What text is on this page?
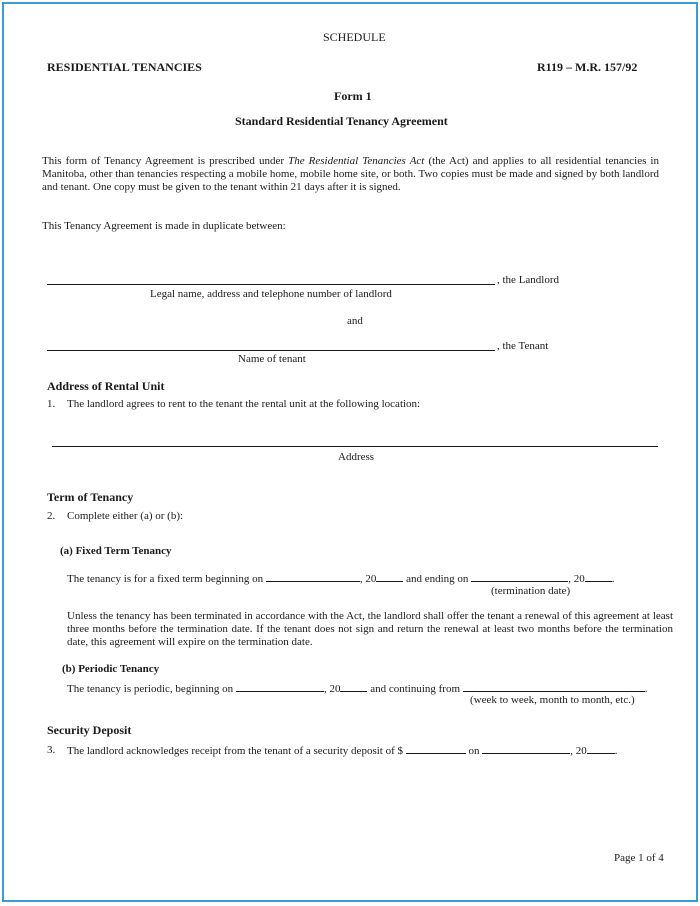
SCHEDULE
RESIDENTIAL TENANCIES	R119 – M.R. 157/92
Form 1
Standard Residential Tenancy Agreement
This form of Tenancy Agreement is prescribed under The Residential Tenancies Act (the Act) and applies to all residential tenancies in Manitoba, other than tenancies respecting a mobile home, mobile home site, or both. Two copies must be made and signed by both landlord and tenant. One copy must be given to the tenant within 21 days after it is signed.
This Tenancy Agreement is made in duplicate between:
, the Landlord
Legal name, address and telephone number of landlord
and
, the Tenant
Name of tenant
Address of Rental Unit
1. The landlord agrees to rent to the tenant the rental unit at the following location:
Address
Term of Tenancy
2. Complete either (a) or (b):
(a) Fixed Term Tenancy
The tenancy is for a fixed term beginning on	, 20 and ending on	, 20 .
(termination date)
Unless the tenancy has been terminated in accordance with the Act, the landlord shall offer the tenant a renewal of this agreement at least three months before the termination date. If the tenant does not sign and return the renewal at least two months before the termination date, this agreement will expire on the termination date.
(b) Periodic Tenancy
The tenancy is periodic, beginning on	, 20 and continuing from	.
(week to week, month to month, etc.)
Security Deposit
3. The landlord acknowledges receipt from the tenant of a security deposit of $	on	, 20	.
Page 1 of 4
